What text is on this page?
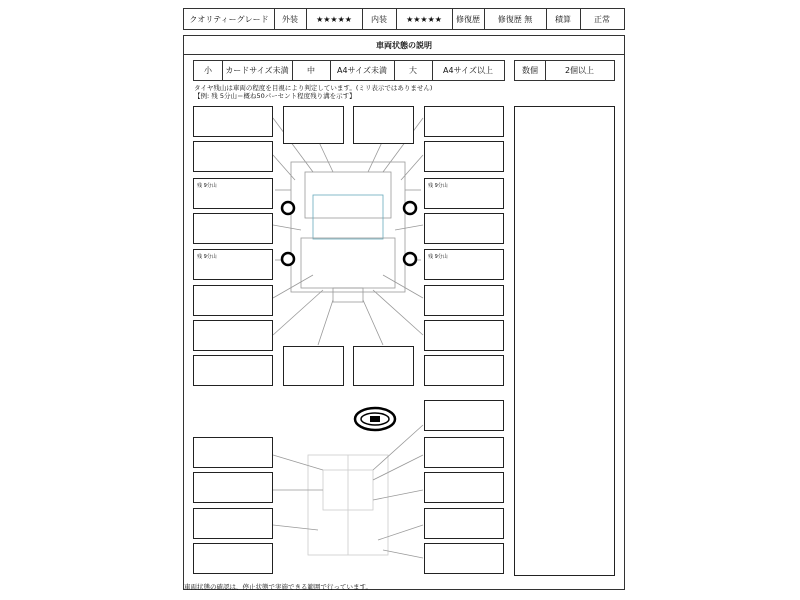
クオリティーグレード	外装	★★★★★	内装	★★★★★	修復歴	修復歴 無	積算	正常
車両状態の説明
小	カードサイズ未満	中	A4サイズ未満	大	A4サイズ以上	数個	2個以上
タイヤ残山は車両の程度を目視により判定しています。(ミリ表示ではありません)
【例: 残 5分山＝概ね50パーセント程度残り溝を示す】
残 9分山
残 9分山
残 9分山
残 9分山
車両状態の確認は、停止状態で実施できる範囲で行っています。
